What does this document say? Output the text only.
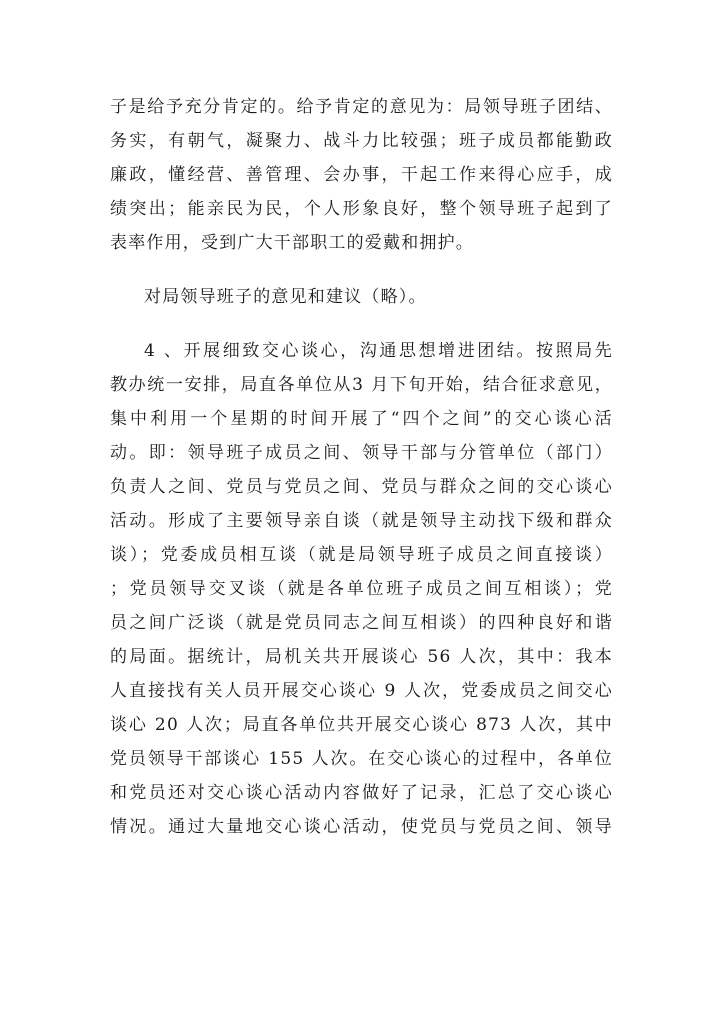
子是给予充分肯定的。给予肯定的意见为：局领导班子团结、
务实，有朝气，凝聚力、战斗力比较强；班子成员都能勤政
廉政，懂经营、善管理、会办事，干起工作来得心应手，成
绩突出；能亲民为民，个人形象良好，整个领导班子起到了
表率作用，受到广大干部职工的爱戴和拥护。
对局领导班子的意见和建议（略）。
4 、开展细致交心谈心，沟通思想增进团结。按照局先
教办统一安排，局直各单位从3 月下旬开始，结合征求意见，
集中利用一个星期的时间开展了“四个之间”的交心谈心活
动。即：领导班子成员之间、领导干部与分管单位（部门）
负责人之间、党员与党员之间、党员与群众之间的交心谈心
活动。形成了主要领导亲自谈（就是领导主动找下级和群众
谈）；党委成员相互谈（就是局领导班子成员之间直接谈）
；党员领导交叉谈（就是各单位班子成员之间互相谈）；党
员之间广泛谈（就是党员同志之间互相谈）的四种良好和谐
的局面。据统计，局机关共开展谈心 56 人次，其中：我本
人直接找有关人员开展交心谈心 9 人次，党委成员之间交心
谈心 20 人次；局直各单位共开展交心谈心 873 人次，其中
党员领导干部谈心 155 人次。在交心谈心的过程中，各单位
和党员还对交心谈心活动内容做好了记录，汇总了交心谈心
情况。通过大量地交心谈心活动，使党员与党员之间、领导
